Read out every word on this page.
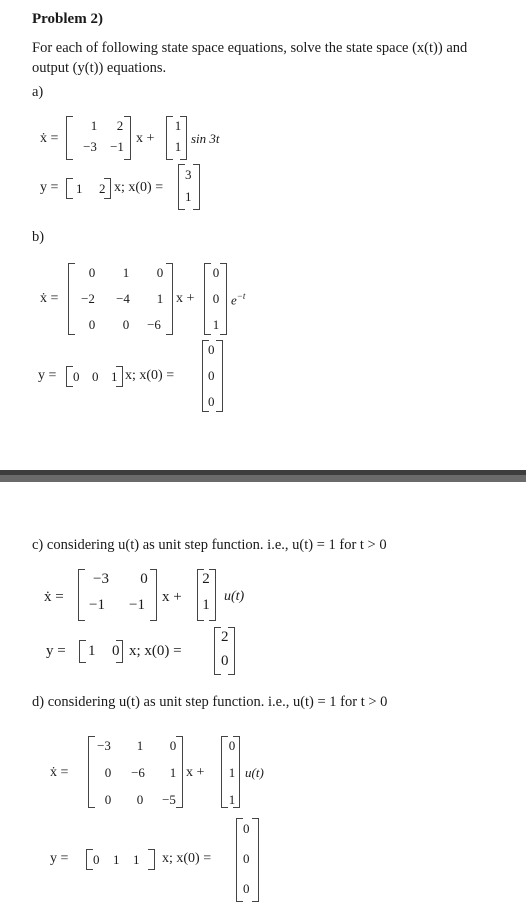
Problem 2)
For each of following state space equations, solve the state space (x(t)) and output (y(t)) equations.
a)
ẋ =
1 2
−3 −1
x +
1
1
sin 3t
y = 1 2 x; x(0) =
3
1
b)
ẋ =
0 1 0
−2 −4 1
0 0 −6
x +
0
0
1
$e^{-t}$
y = 0 0 1 x; x(0) =
0
0
0
c) considering u(t) as unit step function. i.e., u(t) = 1 for t > 0
ẋ =
−3 0
−1 −1 x +
2
1
u(t)
y = 1 0 x; x(0) =
2
0
d) considering u(t) as unit step function. i.e., u(t) = 1 for t > 0
ẋ =
−3 1 0
0 −6 1
0 0 −5
x +
0
1
1
u(t)
y = 0 1 1 x; x(0) =
0
0
0
